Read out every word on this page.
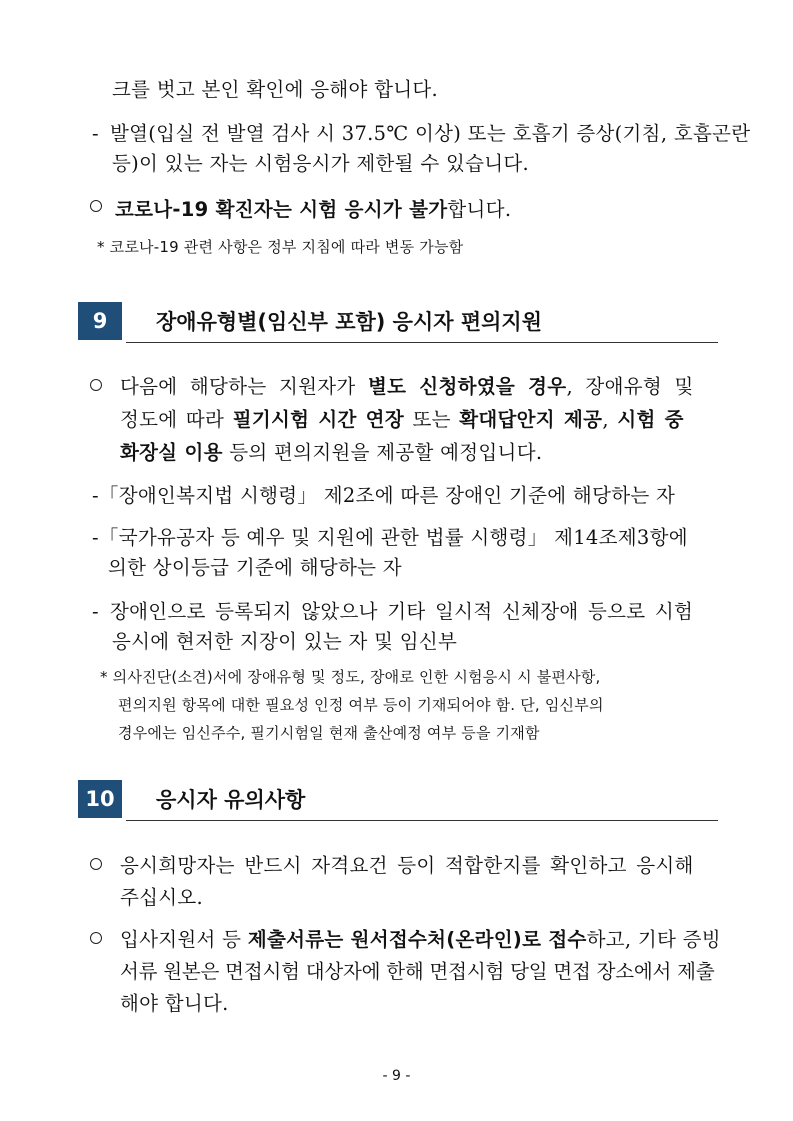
크를 벗고 본인 확인에 응해야 합니다.
- 발열(입실 전 발열 검사 시 37.5℃ 이상) 또는 호흡기 증상(기침, 호흡곤란
등)이 있는 자는 시험응시가 제한될 수 있습니다.
코로나-19 확진자는 시험 응시가 불가합니다.
* 코로나-19 관련 사항은 정부 지침에 따라 변동 가능함
9	장애유형별(임신부 포함) 응시자 편의지원
다음에 해당하는 지원자가 별도 신청하였을 경우, 장애유형 및
정도에 따라 필기시험 시간 연장 또는 확대답안지 제공, 시험 중
화장실 이용 등의 편의지원을 제공할 예정입니다.
-「장애인복지법 시행령」 제2조에 따른 장애인 기준에 해당하는 자
-「국가유공자 등 예우 및 지원에 관한 법률 시행령」 제14조제3항에
의한 상이등급 기준에 해당하는 자
- 장애인으로 등록되지 않았으나 기타 일시적 신체장애 등으로 시험
응시에 현저한 지장이 있는 자 및 임신부
* 의사진단(소견)서에 장애유형 및 정도, 장애로 인한 시험응시 시 불편사항,
편의지원 항목에 대한 필요성 인정 여부 등이 기재되어야 함. 단, 임신부의
경우에는 임신주수, 필기시험일 현재 출산예정 여부 등을 기재함
10	응시자 유의사항
응시희망자는 반드시 자격요건 등이 적합한지를 확인하고 응시해
주십시오.
입사지원서 등 제출서류는 원서접수처(온라인)로 접수하고, 기타 증빙
서류 원본은 면접시험 대상자에 한해 면접시험 당일 면접 장소에서 제출
해야 합니다.
- 9 -
